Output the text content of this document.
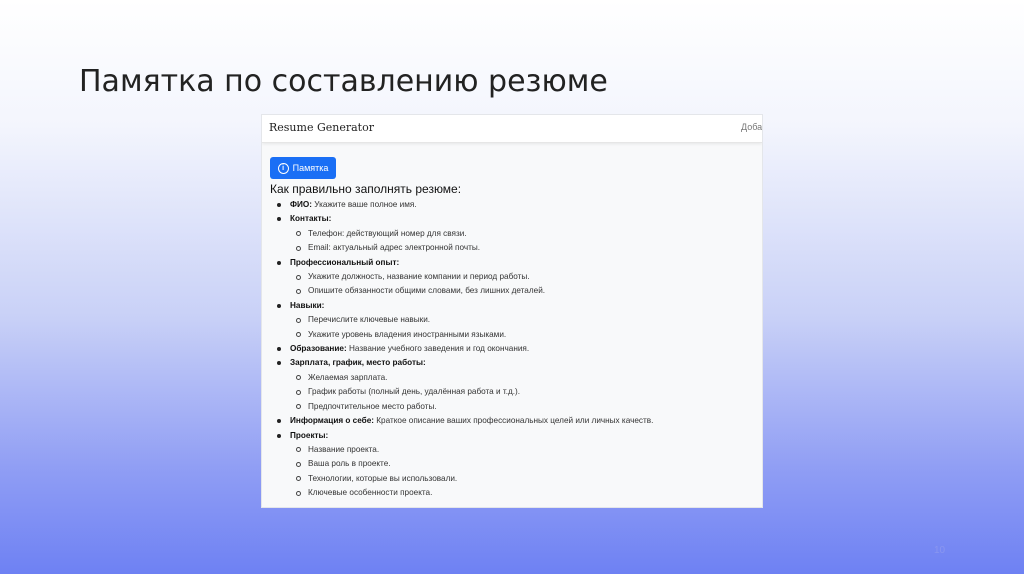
Памятка по составлению резюме
Resume Generator	Доба
i Памятка
Как правильно заполнять резюме:
ФИО: Укажите ваше полное имя.
Контакты:
Телефон: действующий номер для связи.
Email: актуальный адрес электронной почты.
Профессиональный опыт:
Укажите должность, название компании и период работы.
Опишите обязанности общими словами, без лишних деталей.
Навыки:
Перечислите ключевые навыки.
Укажите уровень владения иностранными языками.
Образование: Название учебного заведения и год окончания.
Зарплата, график, место работы:
Желаемая зарплата.
График работы (полный день, удалённая работа и т.д.).
Предпочтительное место работы.
Информация о себе: Краткое описание ваших профессиональных целей или личных качеств.
Проекты:
Название проекта.
Ваша роль в проекте.
Технологии, которые вы использовали.
Ключевые особенности проекта.
10
